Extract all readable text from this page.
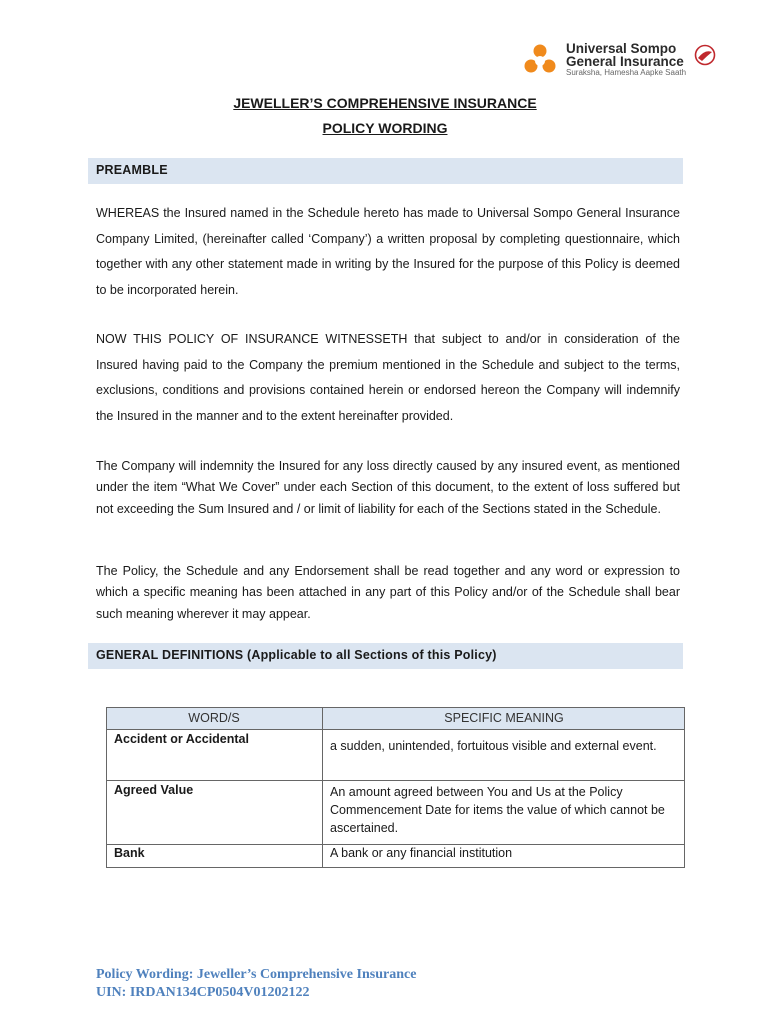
Universal Sompo
General Insurance
Suraksha, Hamesha Aapke Saath
JEWELLER’S COMPREHENSIVE INSURANCE
POLICY WORDING
PREAMBLE

WHEREAS the Insured named in the Schedule hereto has made to Universal Sompo General Insurance Company Limited, (hereinafter called ‘Company’) a written proposal by completing questionnaire, which together with any other statement made in writing by the Insured for the purpose of this Policy is deemed to be incorporated herein.

NOW THIS POLICY OF INSURANCE WITNESSETH that subject to and/or in consideration of the Insured having paid to the Company the premium mentioned in the Schedule and subject to the terms, exclusions, conditions and provisions contained herein or endorsed hereon the Company will indemnify the Insured in the manner and to the extent hereinafter provided.

The Company will indemnity the Insured for any loss directly caused by any insured event, as mentioned under the item “What We Cover” under each Section of this document, to the extent of loss suffered but not exceeding the Sum Insured and / or limit of liability for each of the Sections stated in the Schedule.

The Policy, the Schedule and any Endorsement shall be read together and any word or expression to which a specific meaning has been attached in any part of this Policy and/or of the Schedule shall bear such meaning wherever it may appear.

GENERAL DEFINITIONS (Applicable to all Sections of this Policy)
WORD/S	SPECIFIC MEANING
Accident or Accidental	a sudden, unintended, fortuitous visible and external event.
Agreed Value	An amount agreed between You and Us at the Policy Commencement Date for items the value of which cannot be ascertained.
Bank	A bank or any financial institution
Policy Wording: Jeweller’s Comprehensive Insurance
UIN: IRDAN134CP0504V01202122
